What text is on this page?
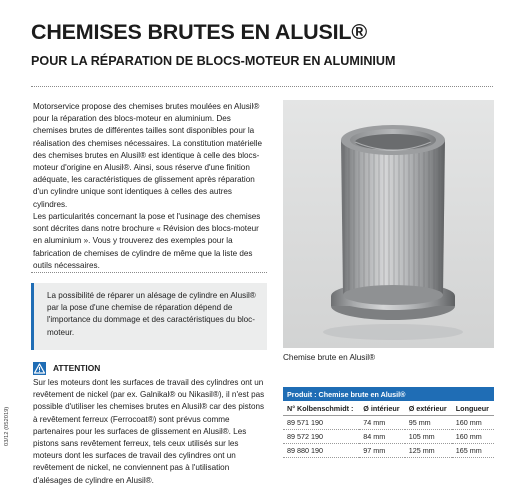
CHEMISES BRUTES EN ALUSIL®
POUR LA RÉPARATION DE BLOCS-MOTEUR EN ALUMINIUM

Motorservice propose des chemises brutes moulées en Alusil® pour la réparation des blocs-moteur en aluminium. Des chemises brutes de différentes tailles sont disponibles pour la réalisation des chemises nécessaires. La constitution matérielle des chemises brutes en Alusil® est identique à celle des blocs-moteur d'origine en Alusil®. Ainsi, sous réserve d'une finition adéquate, les caractéristiques de glissement après réparation d'un cylindre unique sont identiques à celles des autres cylindres.

Les particularités concernant la pose et l'usinage des chemises sont décrites dans notre brochure « Révision des blocs-moteur en aluminium ». Vous y trouverez des exemples pour la fabrication de chemises de cylindre de même que la liste des outils nécessaires.

La possibilité de réparer un alésage de cylindre en Alusil® par la pose d'une chemise de réparation dépend de l'importance du dommage et des caractéristiques du bloc-moteur.

ATTENTION

Sur les moteurs dont les surfaces de travail des cylindres ont un revêtement de nickel (par ex. Galnikal® ou Nikasil®), il n'est pas possible d'utiliser les chemises brutes en Alusil® car des pistons à revêtement ferreux (Ferrocoat®) sont prévus comme partenaires pour les surfaces de glissement en Alusil®. Les pistons sans revêtement ferreux, tels ceux utilisés sur les moteurs dont les surfaces de travail des cylindres ont un revêtement de nickel, ne conviennent pas à l'utilisation d'alésages de cylindre en Alusil®.

Chemise brute en Alusil®

Produit : Chemise brute en Alusil®			
N° Kolbenschmidt :	Ø intérieur	Ø extérieur	Longueur
89 571 190	74 mm	95 mm	160 mm
89 572 190	84 mm	105 mm	160 mm
89 880 190	97 mm	125 mm	165 mm

03/12 (052019)
